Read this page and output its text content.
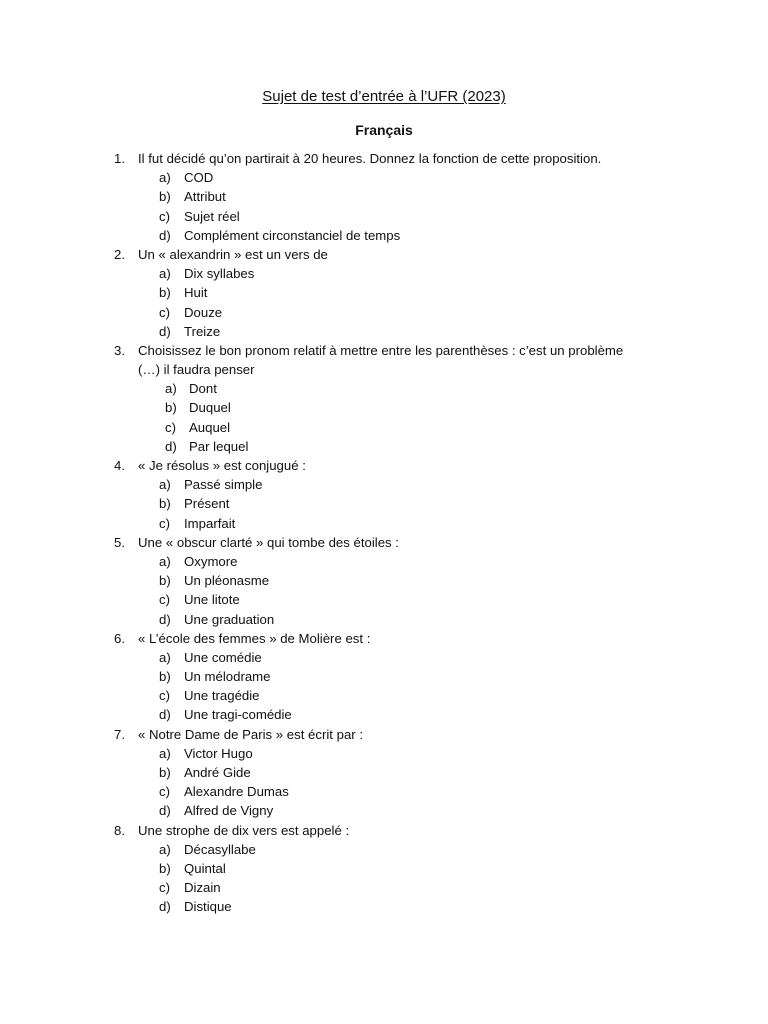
Sujet de test d’entrée à l’UFR (2023)
Français
1. Il fut décidé qu’on partirait à 20 heures. Donnez la fonction de cette proposition.
a) COD
b) Attribut
c) Sujet réel
d) Complément circonstanciel de temps
2. Un « alexandrin » est un vers de
a) Dix syllabes
b) Huit
c) Douze
d) Treize
3. Choisissez le bon pronom relatif à mettre entre les parenthèses : c’est un problème
(…) il faudra penser
a) Dont
b) Duquel
c) Auquel
d) Par lequel
4. « Je résolus » est conjugué :
a) Passé simple
b) Présent
c) Imparfait
5. Une « obscur clarté » qui tombe des étoiles :
a) Oxymore
b) Un pléonasme
c) Une litote
d) Une graduation
6. « L’école des femmes » de Molière est :
a) Une comédie
b) Un mélodrame
c) Une tragédie
d) Une tragi-comédie
7. « Notre Dame de Paris » est écrit par :
a) Victor Hugo
b) André Gide
c) Alexandre Dumas
d) Alfred de Vigny
8. Une strophe de dix vers est appelé :
a) Décasyllabe
b) Quintal
c) Dizain
d) Distique
